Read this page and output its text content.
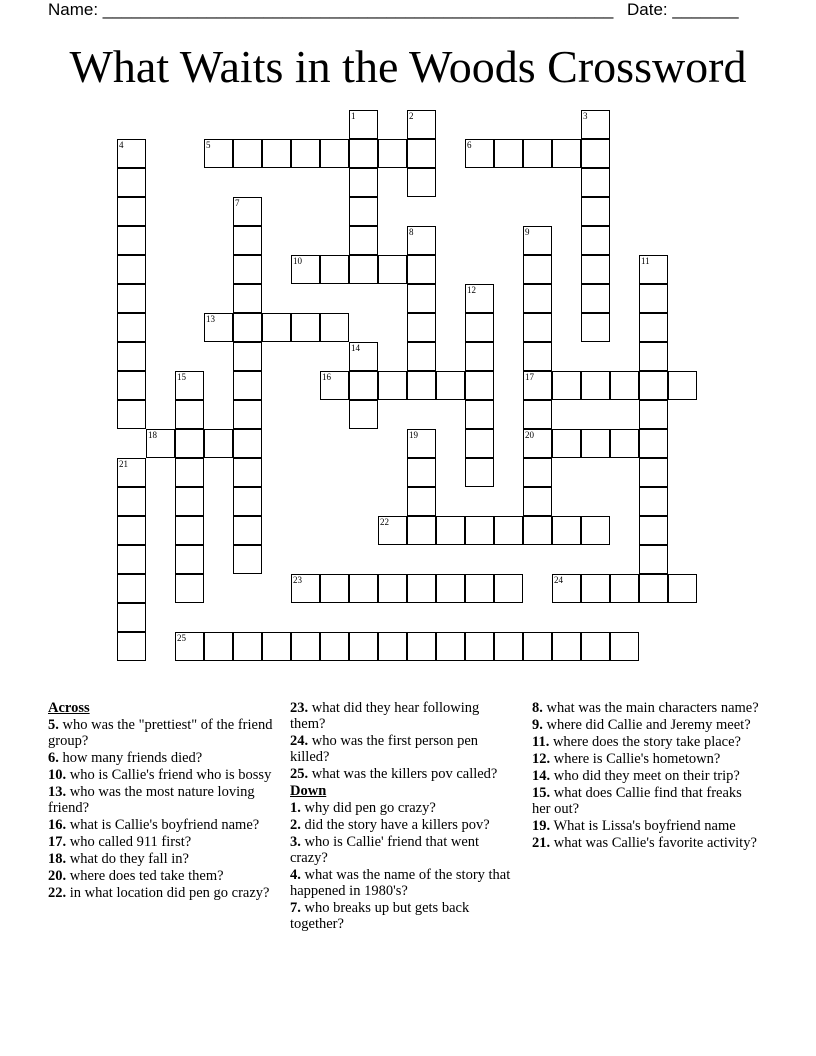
Name: ______________________________________________________ Date: _______
What Waits in the Woods Crossword
1	2	3
4	5	6
7
8	9
17
20
10	11
12
13
14
15	16
18	19
21
22
23	24
25
Across
5. who was the "prettiest" of the friend group?
6. how many friends died?
10. who is Callie's friend who is bossy
13. who was the most nature loving friend?
16. what is Callie's boyfriend name?
17. who called 911 first?
18. what do they fall in?
20. where does ted take them?
22. in what location did pen go crazy?
23. what did they hear following them?
24. who was the first person pen killed?
25. what was the killers pov called?
Down
1. why did pen go crazy?
2. did the story have a killers pov?
3. who is Callie' friend that went crazy?
4. what was the name of the story that happened in 1980's?
7. who breaks up but gets back together?
8. what was the main characters name?
9. where did Callie and Jeremy meet?
11. where does the story take place?
12. where is Callie's hometown?
14. who did they meet on their trip?
15. what does Callie find that freaks her out?
19. What is Lissa's boyfriend name
21. what was Callie's favorite activity?
